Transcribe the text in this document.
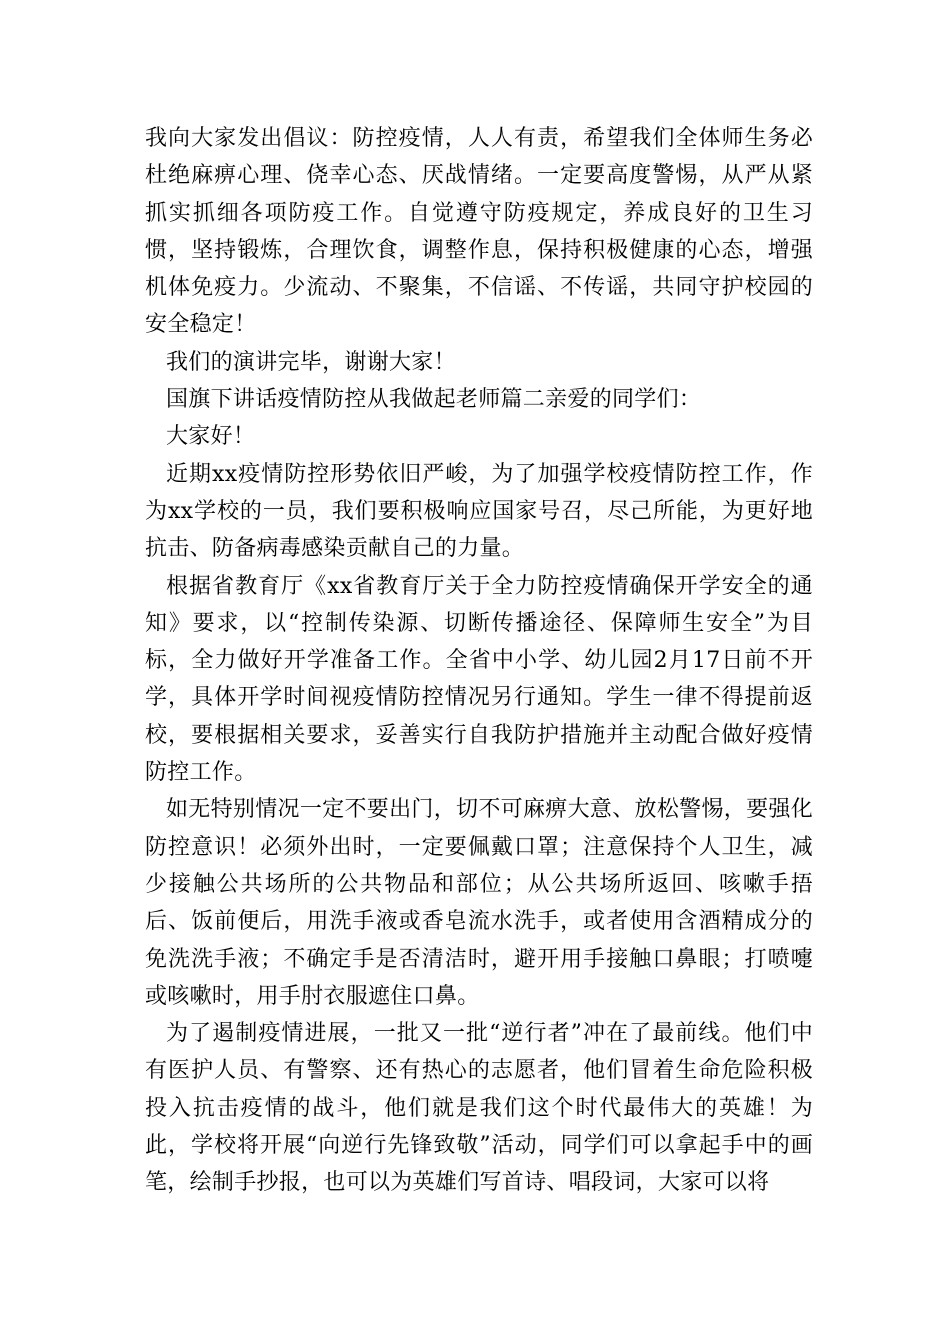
我向大家发出倡议：防控疫情，人人有责，希望我们全体师生务必杜绝麻痹心理、侥幸心态、厌战情绪。一定要高度警惕，从严从紧抓实抓细各项防疫工作。自觉遵守防疫规定，养成良好的卫生习惯，坚持锻炼，合理饮食，调整作息，保持积极健康的心态，增强机体免疫力。少流动、不聚集，不信谣、不传谣，共同守护校园的安全稳定！

我们的演讲完毕，谢谢大家！

国旗下讲话疫情防控从我做起老师篇二亲爱的同学们：

大家好！

近期xx疫情防控形势依旧严峻，为了加强学校疫情防控工作，作为xx学校的一员，我们要积极响应国家号召，尽己所能，为更好地抗击、防备病毒感染贡献自己的力量。

根据省教育厅《xx省教育厅关于全力防控疫情确保开学安全的通知》要求，以“控制传染源、切断传播途径、保障师生安全”为目标，全力做好开学准备工作。全省中小学、幼儿园2月17日前不开学，具体开学时间视疫情防控情况另行通知。学生一律不得提前返校，要根据相关要求，妥善实行自我防护措施并主动配合做好疫情防控工作。

如无特别情况一定不要出门，切不可麻痹大意、放松警惕，要强化防控意识！必须外出时，一定要佩戴口罩；注意保持个人卫生，减少接触公共场所的公共物品和部位；从公共场所返回、咳嗽手捂后、饭前便后，用洗手液或香皂流水洗手，或者使用含酒精成分的免洗洗手液；不确定手是否清洁时，避开用手接触口鼻眼；打喷嚏或咳嗽时，用手肘衣服遮住口鼻。

为了遏制疫情进展，一批又一批“逆行者”冲在了最前线。他们中有医护人员、有警察、还有热心的志愿者，他们冒着生命危险积极投入抗击疫情的战斗，他们就是我们这个时代最伟大的英雄！为此，学校将开展“向逆行先锋致敬”活动，同学们可以拿起手中的画笔，绘制手抄报，也可以为英雄们写首诗、唱段词，大家可以将
